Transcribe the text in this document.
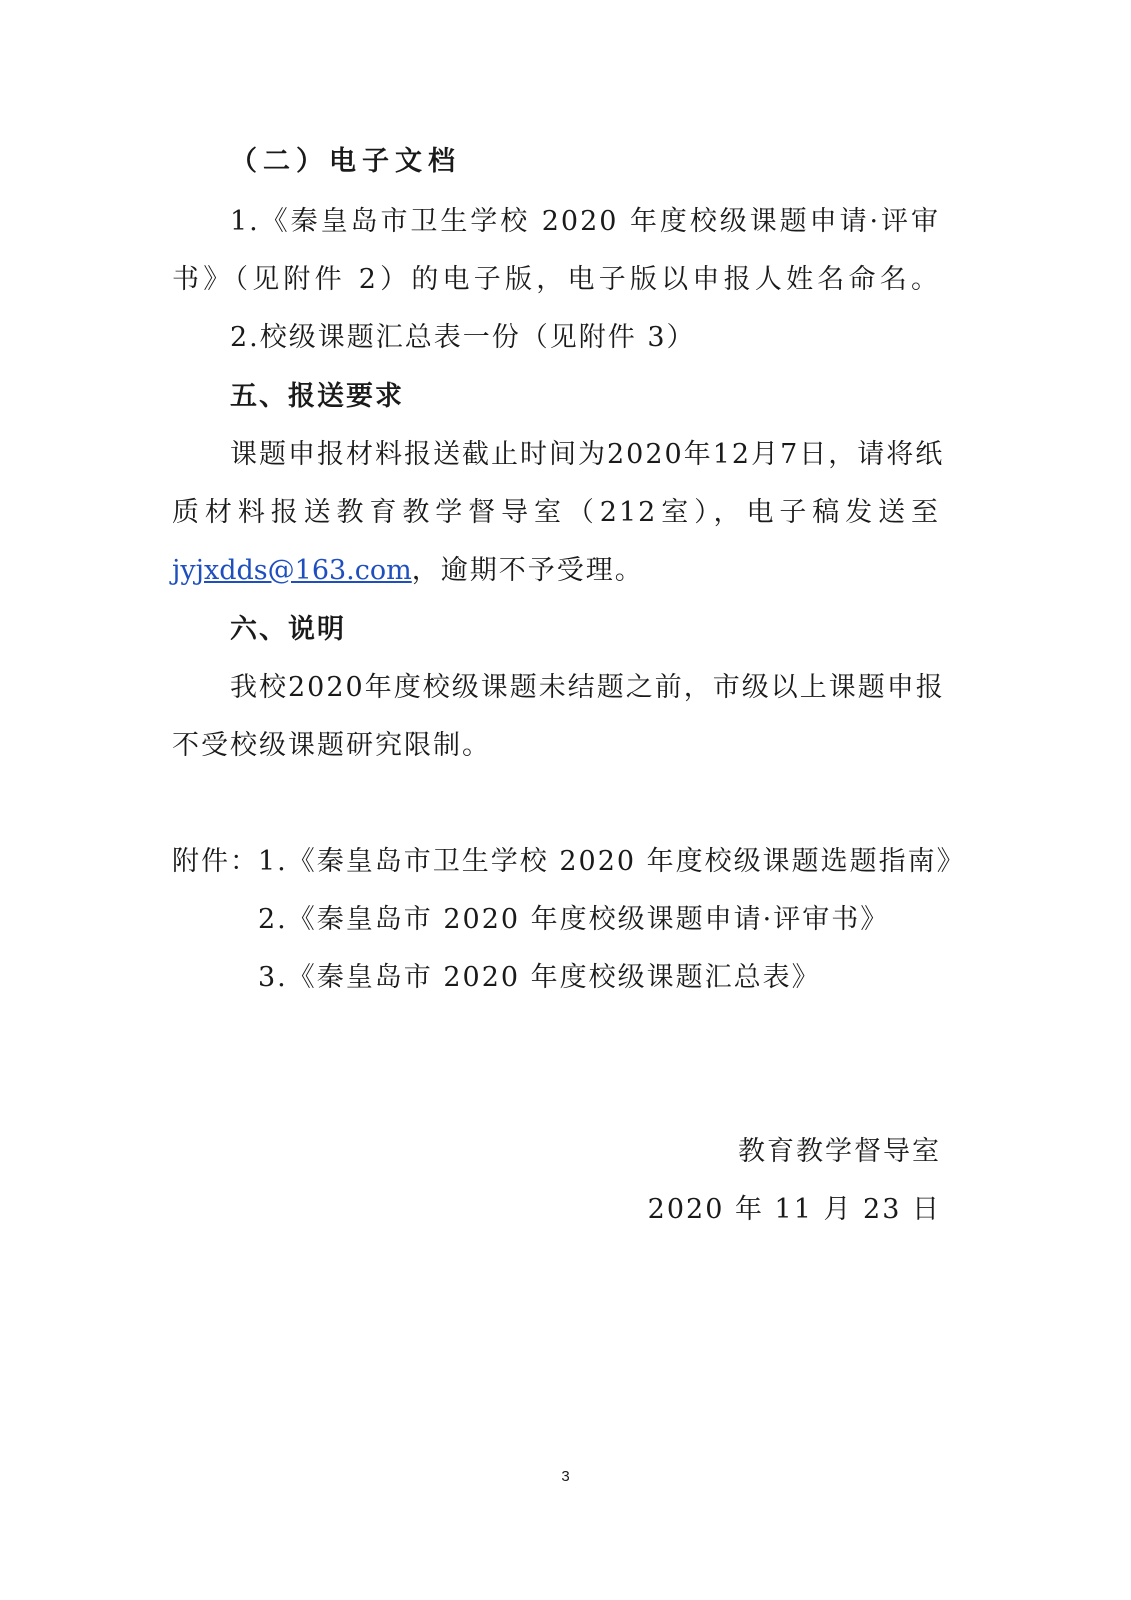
（二）电子文档
1.《秦皇岛市卫生学校 2020 年度校级课题申请·评审
书》（见附件 2）的电子版，电子版以申报人姓名命名。
2.校级课题汇总表一份（见附件 3）
五、报送要求
课题申报材料报送截止时间为2020年12月7日，请将纸
质材料报送教育教学督导室（212室），电子稿发送至
jyjxdds@163.com，逾期不予受理。
六、说明
我校2020年度校级课题未结题之前，市级以上课题申报
不受校级课题研究限制。
附件： 1.《秦皇岛市卫生学校 2020 年度校级课题选题指南》
2.《秦皇岛市 2020 年度校级课题申请·评审书》
3.《秦皇岛市 2020 年度校级课题汇总表》
教育教学督导室
2020 年 11 月 23 日
3
